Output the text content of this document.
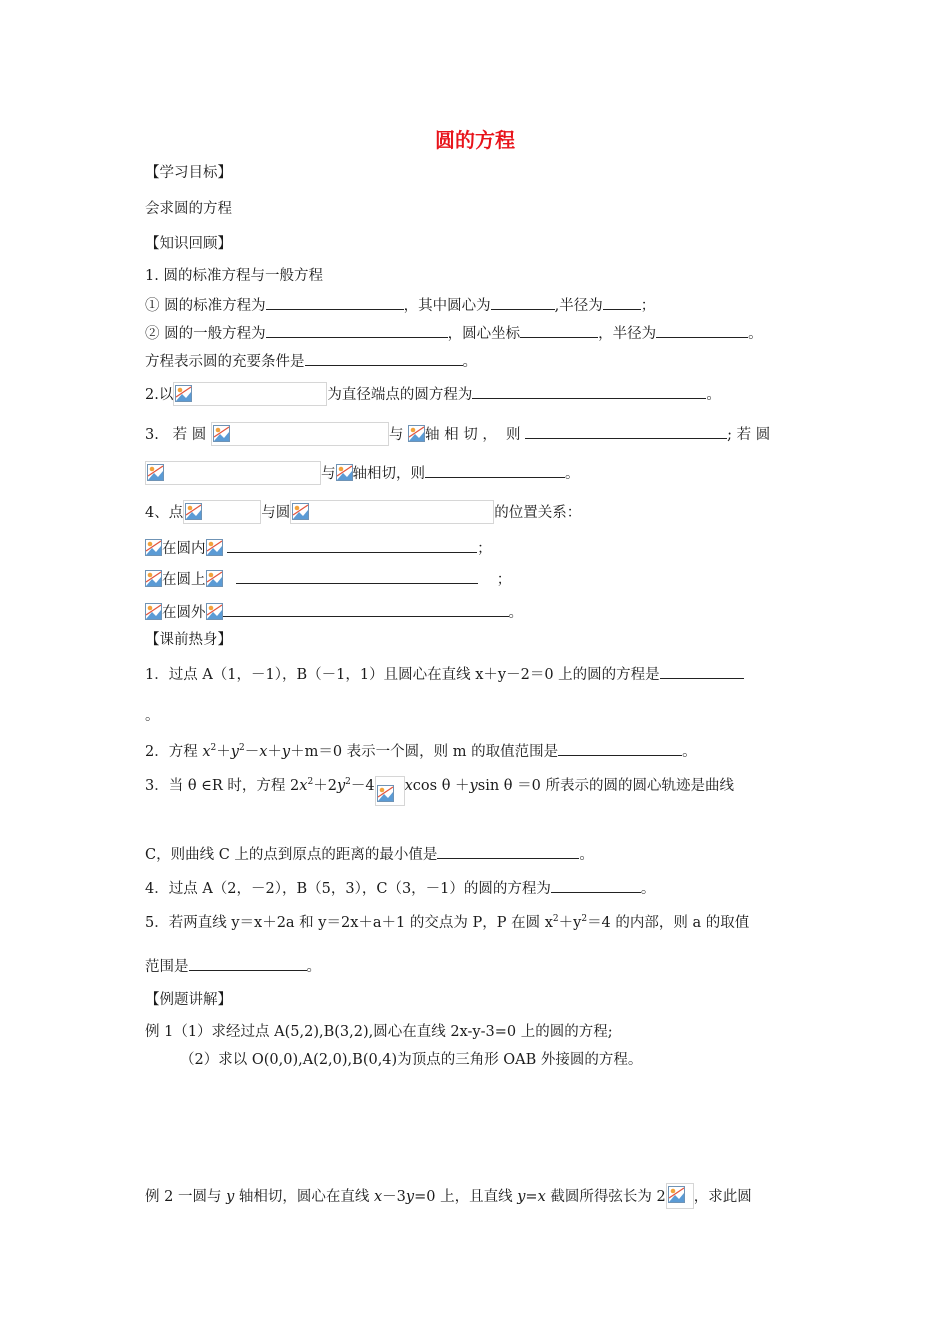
圆的方程
【学习目标】
会求圆的方程
【知识回顾】
1. 圆的标准方程与一般方程
① 圆的标准方程为	，其中圆心为	,半径为	；
② 圆的一般方程为	，圆心坐标	，半径为	。
方程表示圆的充要条件是	。
2.以	为直径端点的圆方程为	。
3. 若 圆	与 轴 相 切 ， 则	; 若 圆
与 轴相切，则	。
4、点	与圆	的位置关系：
在圆内	；
在圆上	；
在圆外	。
【课前热身】
1．过点 A（1，－1），B（－1，1）且圆心在直线 x＋y－2＝0 上的圆的方程是
。
2．方程 $x^2+y^2-x+y+m=0$ 表示一个圆，则 m 的取值范围是	。
3．当 θ ∈R 时，方程 $2x^2+2y^2-4$ xcos θ ＋ysin θ ＝0 所表示的圆的圆心轨迹是曲线
C，则曲线 C 上的点到原点的距离的最小值是	。
4．过点 A（2，－2），B（5，3），C（3，－1）的圆的方程为	。
5．若两直线 y＝x＋2a 和 y＝2x＋a＋1 的交点为 P，P 在圆 $x^2+y^2=4$ 的内部，则 a 的取值
范围是	。
【例题讲解】
例 1（1）求经过点 A(5,2),B(3,2),圆心在直线 2x-y-3=0 上的圆的方程;
（2）求以 O(0,0),A(2,0),B(0,4)为顶点的三角形 OAB 外接圆的方程。
例 2 一圆与 y 轴相切，圆心在直线 x－3y=0 上，且直线 y=x 截圆所得弦长为 2 ，求此圆
